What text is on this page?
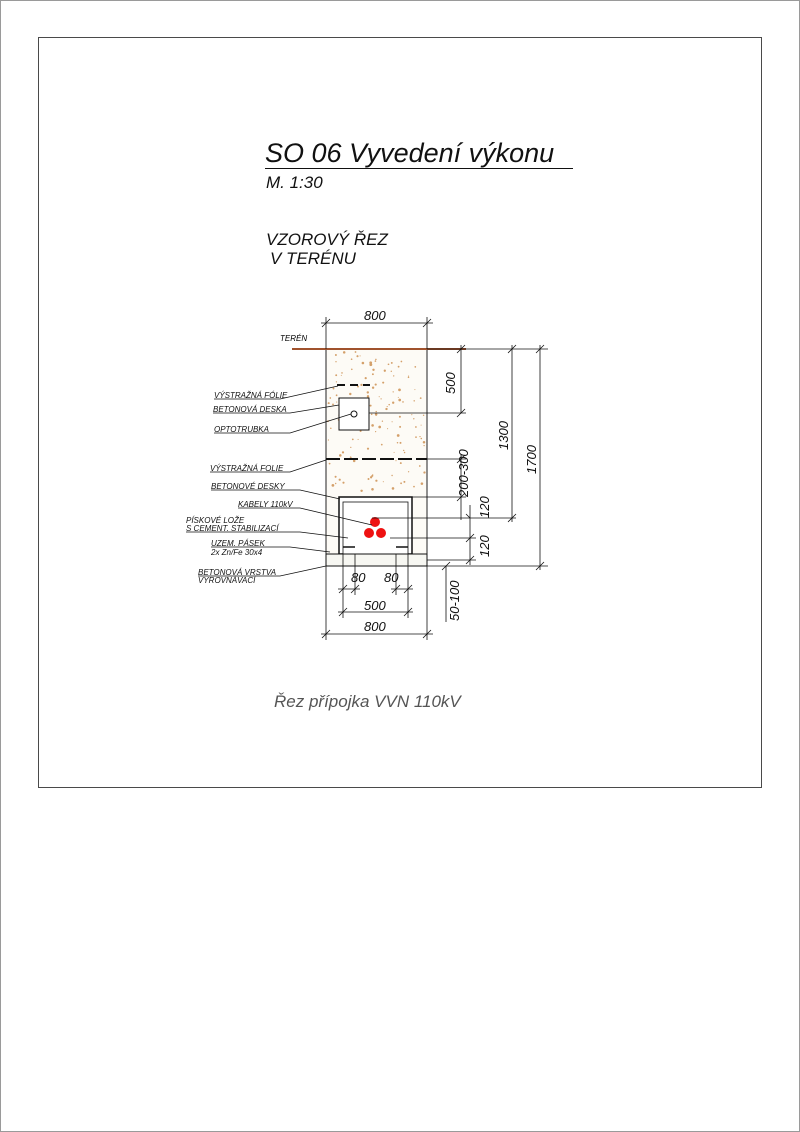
SO 06 Vyvedení výkonu
M. 1:30
VZOROVÝ ŘEZ
V TERÉNU
Řez přípojka VVN 110kV
TERÉN
VÝSTRAŽNÁ FÓLIE
BETONOVÁ DESKA
OPTOTRUBKA
VÝSTRAŽNÁ FOLIE
BETONOVÉ DESKY
KABELY 110kV
PÍSKOVÉ LOŽE
S CEMENT. STABILIZACÍ
UZEM. PÁSEK
2x Zn/Fe 30x4
BETONOVÁ VRSTVA
VYROVNÁVACÍ
800
500
200-300
120
120
1300
1700
80 80
500
800
50-100
